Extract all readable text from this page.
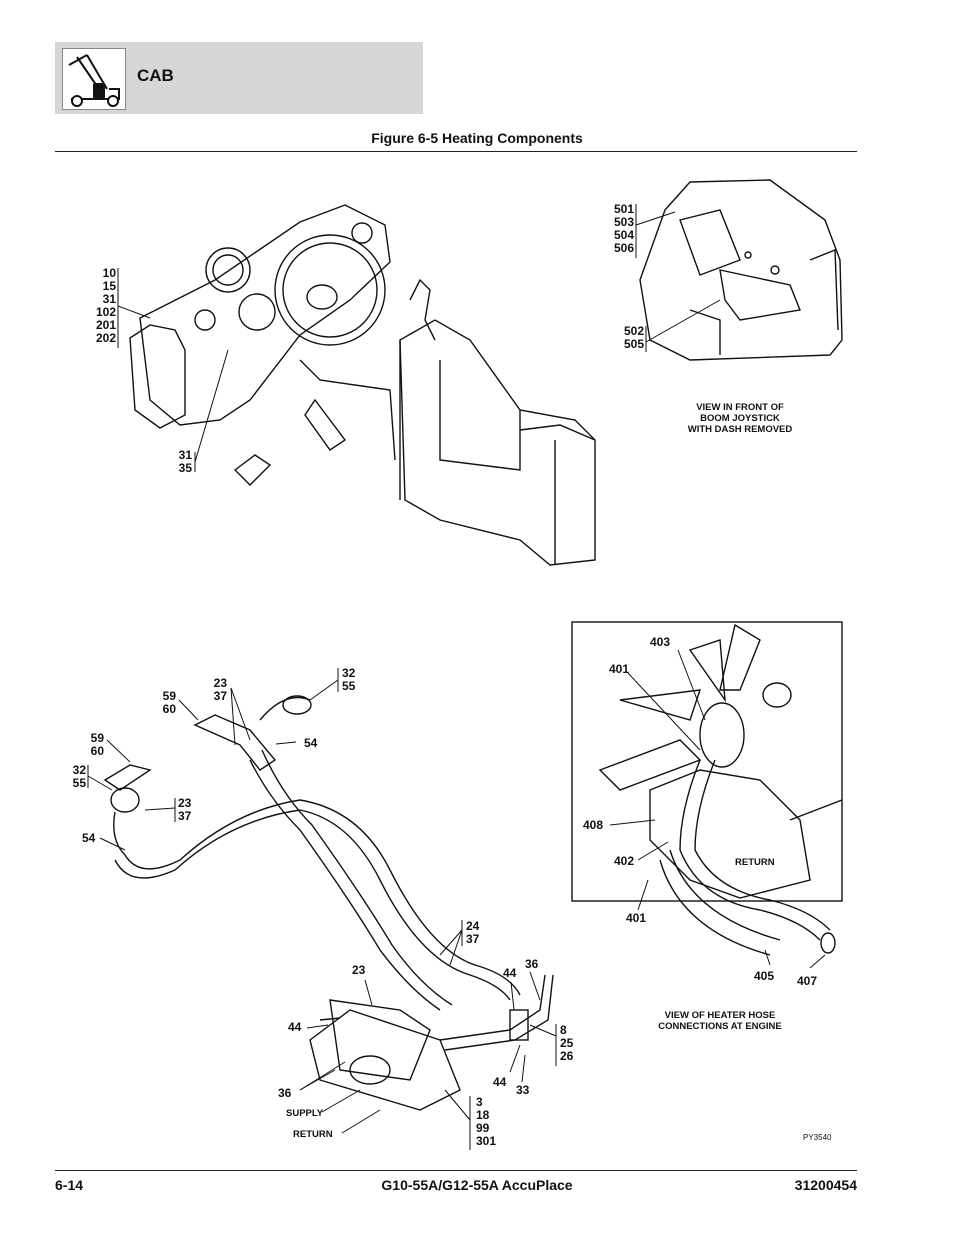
CAB
Figure 6-5 Heating Components
10
15
31
102
201
202
31
35
501
503
504
506
502
505
VIEW IN FRONT OF
BOOM JOYSTICK
WITH DASH REMOVED
59
60
23
37
32
55
54
59
60
32
55
23
37
54
24
37
23
44
44
36
8
25
26
44
33
36
3
18
99
301
SUPPLY
RETURN
403
401
408
402
401
405 407
RETURN
VIEW OF HEATER HOSE
CONNECTIONS AT ENGINE
PY3540
6-14	G10-55A/G12-55A AccuPlace	31200454
